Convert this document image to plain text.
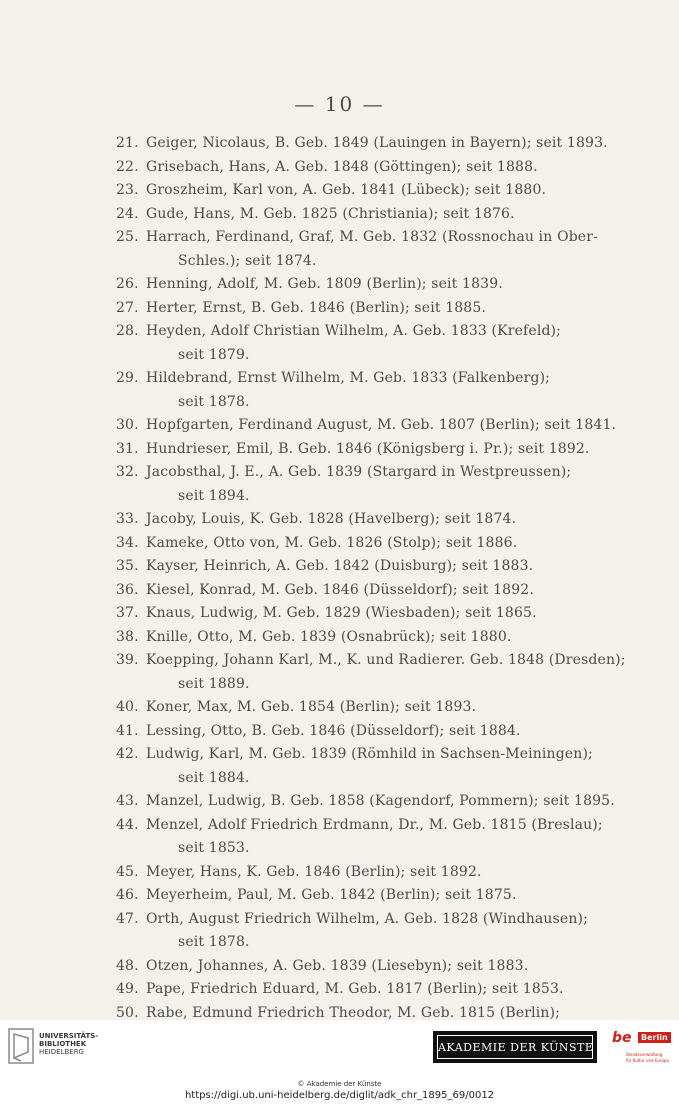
— 10 —
21. Geiger, Nicolaus, B. Geb. 1849 (Lauingen in Bayern); seit 1893.
22. Grisebach, Hans, A. Geb. 1848 (Göttingen); seit 1888.
23. Groszheim, Karl von, A. Geb. 1841 (Lübeck); seit 1880.
24. Gude, Hans, M. Geb. 1825 (Christiania); seit 1876.
25. Harrach, Ferdinand, Graf, M. Geb. 1832 (Rossnochau in Ober-
Schles.); seit 1874.
26. Henning, Adolf, M. Geb. 1809 (Berlin); seit 1839.
27. Herter, Ernst, B. Geb. 1846 (Berlin); seit 1885.
28. Heyden, Adolf Christian Wilhelm, A. Geb. 1833 (Krefeld);
seit 1879.
29. Hildebrand, Ernst Wilhelm, M. Geb. 1833 (Falkenberg);
seit 1878.
30. Hopfgarten, Ferdinand August, M. Geb. 1807 (Berlin); seit 1841.
31. Hundrieser, Emil, B. Geb. 1846 (Königsberg i. Pr.); seit 1892.
32. Jacobsthal, J. E., A. Geb. 1839 (Stargard in Westpreussen);
seit 1894.
33. Jacoby, Louis, K. Geb. 1828 (Havelberg); seit 1874.
34. Kameke, Otto von, M. Geb. 1826 (Stolp); seit 1886.
35. Kayser, Heinrich, A. Geb. 1842 (Duisburg); seit 1883.
36. Kiesel, Konrad, M. Geb. 1846 (Düsseldorf); seit 1892.
37. Knaus, Ludwig, M. Geb. 1829 (Wiesbaden); seit 1865.
38. Knille, Otto, M. Geb. 1839 (Osnabrück); seit 1880.
39. Koepping, Johann Karl, M., K. und Radierer. Geb. 1848 (Dresden);
seit 1889.
40. Koner, Max, M. Geb. 1854 (Berlin); seit 1893.
41. Lessing, Otto, B. Geb. 1846 (Düsseldorf); seit 1884.
42. Ludwig, Karl, M. Geb. 1839 (Römhild in Sachsen-Meiningen);
seit 1884.
43. Manzel, Ludwig, B. Geb. 1858 (Kagendorf, Pommern); seit 1895.
44. Menzel, Adolf Friedrich Erdmann, Dr., M. Geb. 1815 (Breslau);
seit 1853.
45. Meyer, Hans, K. Geb. 1846 (Berlin); seit 1892.
46. Meyerheim, Paul, M. Geb. 1842 (Berlin); seit 1875.
47. Orth, August Friedrich Wilhelm, A. Geb. 1828 (Windhausen);
seit 1878.
48. Otzen, Johannes, A. Geb. 1839 (Liesebyn); seit 1883.
49. Pape, Friedrich Eduard, M. Geb. 1817 (Berlin); seit 1853.
50. Rabe, Edmund Friedrich Theodor, M. Geb. 1815 (Berlin);
UNIVERSITÄTS-
BIBLIOTHEK
HEIDELBERG	AKADEMIE DER KÜNSTE
be	Berlin
Senatsverwaltung
für Kultur und Europa
© Akademie der Künste
https://digi.ub.uni-heidelberg.de/diglit/adk_chr_1895_69/0012
